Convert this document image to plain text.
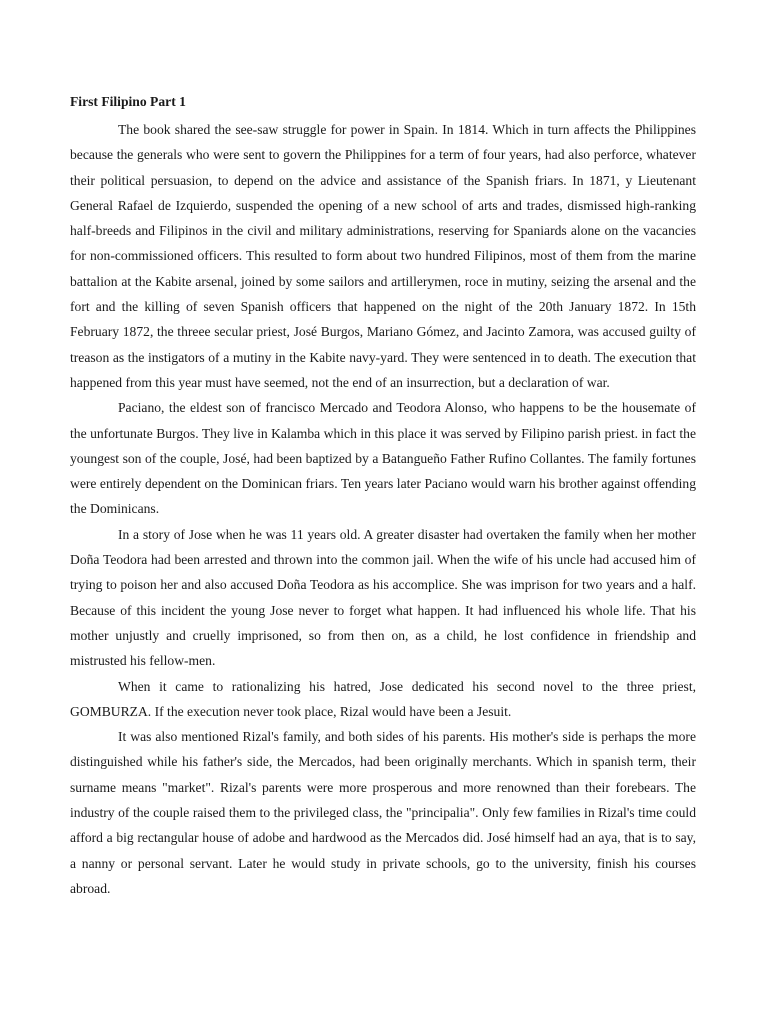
First Filipino Part 1

The book shared the see-saw struggle for power in Spain. In 1814. Which in turn affects the Philippines because the generals who were sent to govern the Philippines for a term of four years, had also perforce, whatever their political persuasion, to depend on the advice and assistance of the Spanish friars. In 1871, y Lieutenant General Rafael de Izquierdo, suspended the opening of a new school of arts and trades, dismissed high-ranking half-breeds and Filipinos in the civil and military administrations, reserving for Spaniards alone on the vacancies for non-commissioned officers. This resulted to form about two hundred Filipinos, most of them from the marine battalion at the Kabite arsenal, joined by some sailors and artillerymen, roce in mutiny, seizing the arsenal and the fort and the killing of seven Spanish officers that happened on the night of the 20th January 1872. In 15th February 1872, the threee secular priest, José Burgos, Mariano Gómez, and Jacinto Zamora, was accused guilty of treason as the instigators of a mutiny in the Kabite navy-yard. They were sentenced in to death. The execution that happened from this year must have seemed, not the end of an insurrection, but a declaration of war.

Paciano, the eldest son of francisco Mercado and Teodora Alonso, who happens to be the housemate of the unfortunate Burgos. They live in Kalamba which in this place it was served by Filipino parish priest. in fact the youngest son of the couple, José, had been baptized by a Batangueño Father Rufino Collantes. The family fortunes were entirely dependent on the Dominican friars. Ten years later Paciano would warn his brother against offending the Dominicans.

In a story of Jose when he was 11 years old. A greater disaster had overtaken the family when her mother Doña Teodora had been arrested and thrown into the common jail. When the wife of his uncle had accused him of trying to poison her and also accused Doña Teodora as his accomplice. She was imprison for two years and a half. Because of this incident the young Jose never to forget what happen. It had influenced his whole life. That his mother unjustly and cruelly imprisoned, so from then on, as a child, he lost confidence in friendship and mistrusted his fellow-men.

When it came to rationalizing his hatred, Jose dedicated his second novel to the three priest, GOMBURZA. If the execution never took place, Rizal would have been a Jesuit.

It was also mentioned Rizal's family, and both sides of his parents. His mother's side is perhaps the more distinguished while his father's side, the Mercados, had been originally merchants. Which in spanish term, their surname means "market". Rizal's parents were more prosperous and more renowned than their forebears. The industry of the couple raised them to the privileged class, the "principalia". Only few families in Rizal's time could afford a big rectangular house of adobe and hardwood as the Mercados did. José himself had an aya, that is to say, a nanny or personal servant. Later he would study in private schools, go to the university, finish his courses abroad.
